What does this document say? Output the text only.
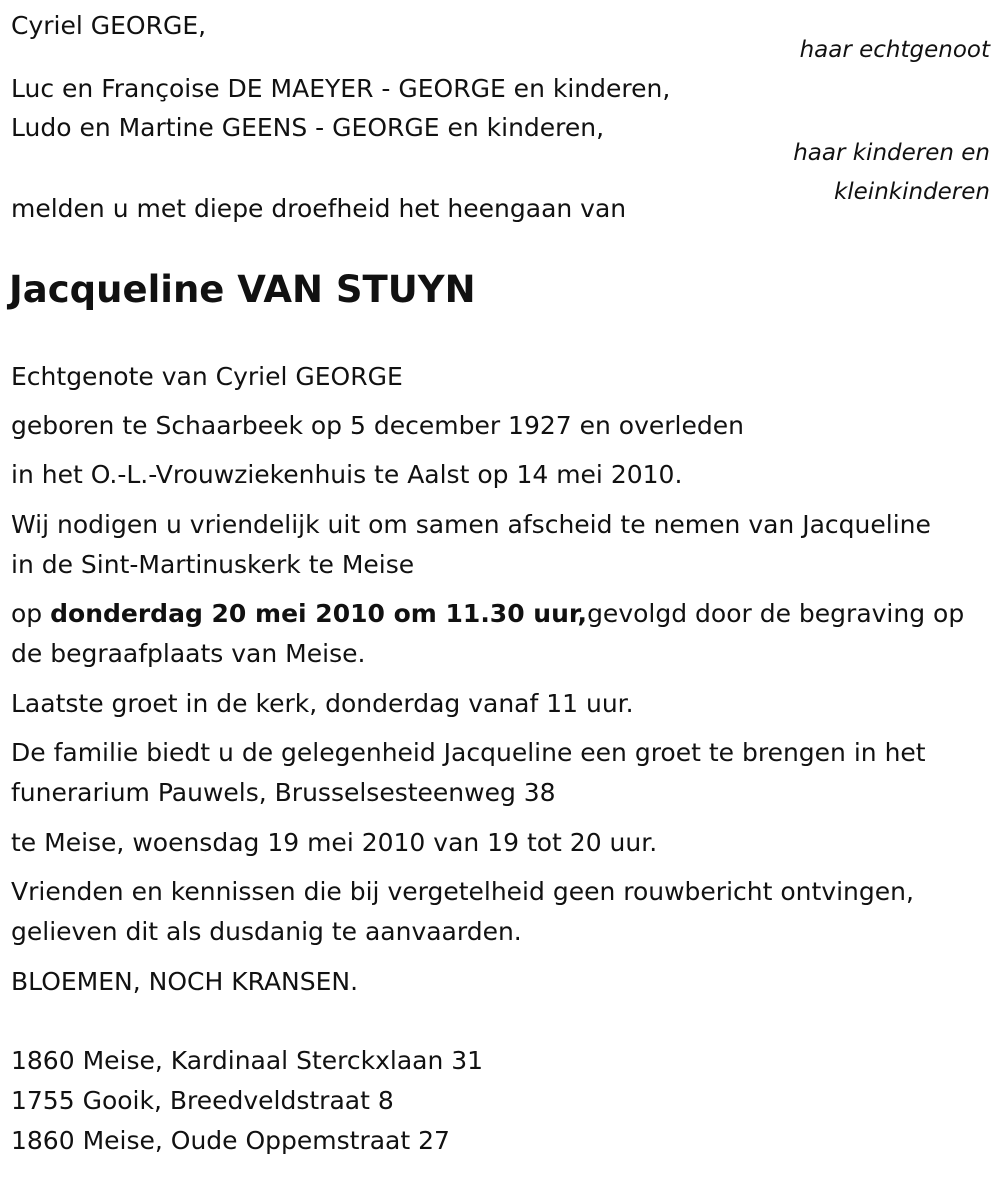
Cyriel GEORGE,
haar echtgenoot
Luc en Françoise DE MAEYER - GEORGE en kinderen,
Ludo en Martine GEENS - GEORGE en kinderen,
haar kinderen en
kleinkinderen
melden u met diepe droefheid het heengaan van
Jacqueline VAN STUYN
Echtgenote van Cyriel GEORGE
geboren te Schaarbeek op 5 december 1927 en overleden
in het O.-L.-Vrouwziekenhuis te Aalst op 14 mei 2010.
Wij nodigen u vriendelijk uit om samen afscheid te nemen van Jacqueline
in de Sint-Martinuskerk te Meise
op donderdag 20 mei 2010 om 11.30 uur,gevolgd door de begraving op
de begraafplaats van Meise.
Laatste groet in de kerk, donderdag vanaf 11 uur.
De familie biedt u de gelegenheid Jacqueline een groet te brengen in het
funerarium Pauwels, Brusselsesteenweg 38
te Meise, woensdag 19 mei 2010 van 19 tot 20 uur.
Vrienden en kennissen die bij vergetelheid geen rouwbericht ontvingen,
gelieven dit als dusdanig te aanvaarden.
BLOEMEN, NOCH KRANSEN.
1860 Meise, Kardinaal Sterckxlaan 31
1755 Gooik, Breedveldstraat 8
1860 Meise, Oude Oppemstraat 27
